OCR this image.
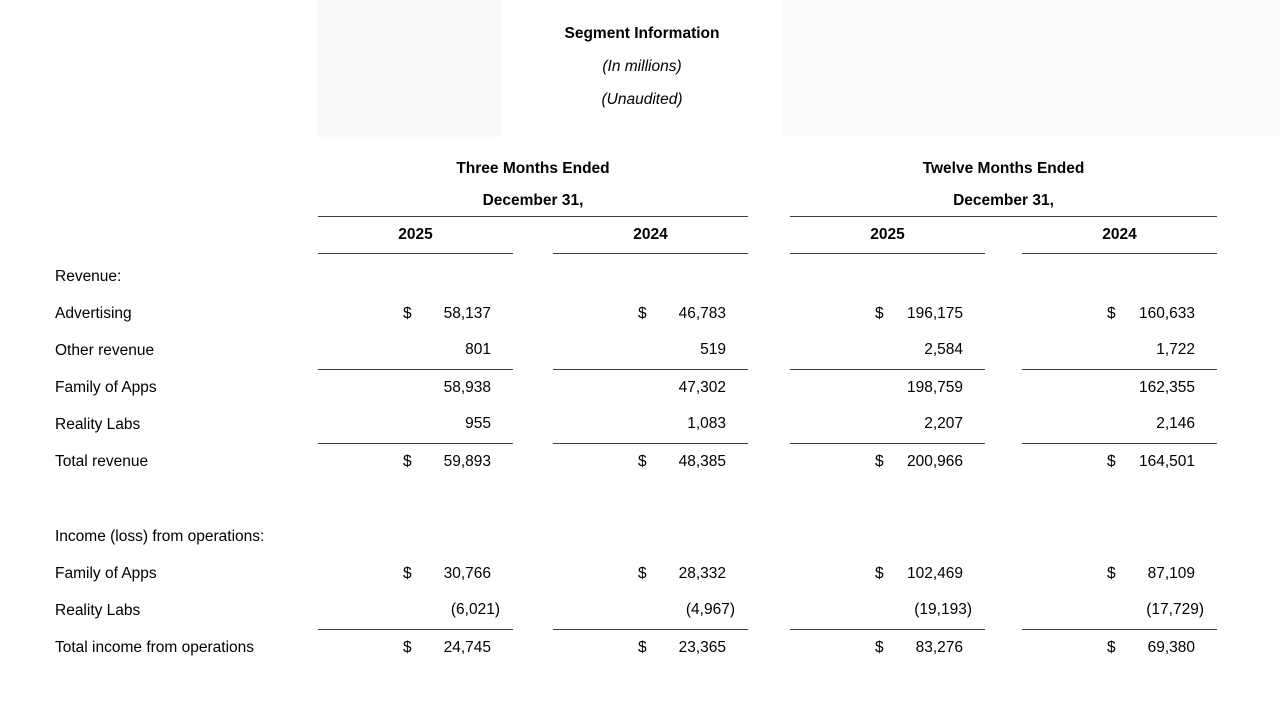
Segment Information
(In millions)
(Unaudited)
	Three Months Ended				Twelve Months Ended		
	December 31,				December 31,		
	2025		2024		2025		2024

Revenue:							
Advertising	$ 58,137		$ 46,783		$ 196,175		$ 160,633
Other revenue	801		519		2,584		1,722
Family of Apps	58,938		47,302		198,759		162,355
Reality Labs	955		1,083		2,207		2,146
Total revenue	$ 59,893		$ 48,385		$ 200,966		$ 164,501

Income (loss) from operations:							
Family of Apps	$ 30,766		$ 28,332		$ 102,469		$ 87,109
Reality Labs	(6,021)		(4,967)		(19,193)		(17,729)
Total income from operations	$ 24,745		$ 23,365		$ 83,276		$ 69,380
